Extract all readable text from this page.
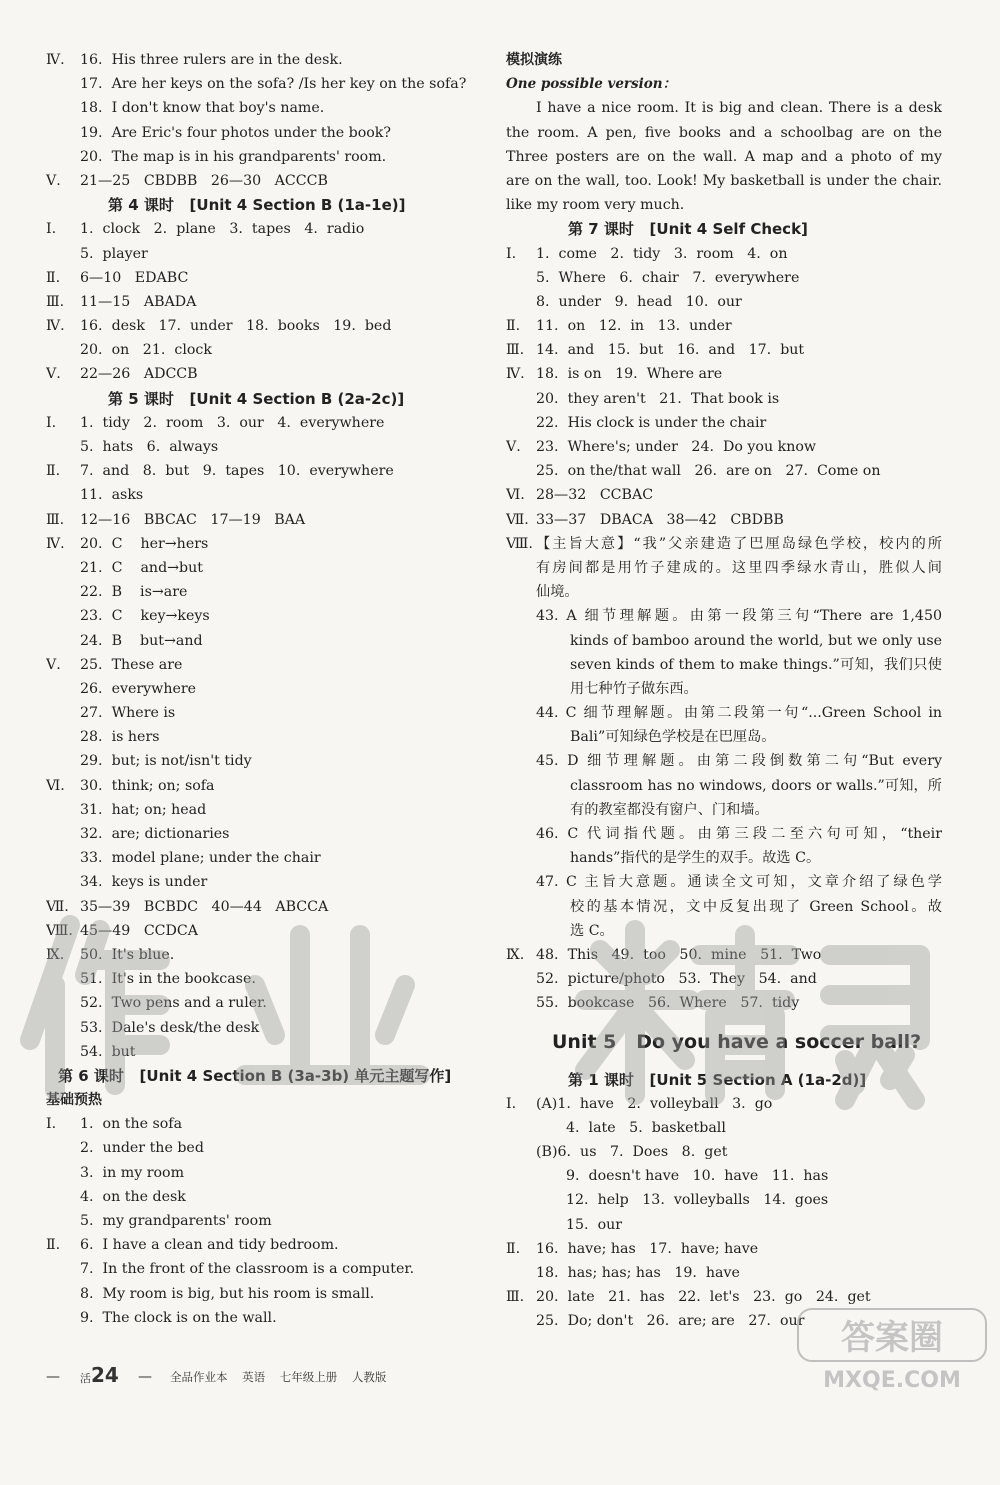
Ⅳ. 16.  His three rulers are in the desk.
17.  Are her keys on the sofa? /Is her key on the sofa?
18.  I don't know that boy's name.
19.  Are Eric's four photos under the book?
20.  The map is in his grandparents' room.
Ⅴ. 21—25   CBDBB   26—30   ACCCB
第 4 课时   [Unit 4 Section B (1a-1e)]
Ⅰ. 1.  clock   2.  plane   3.  tapes   4.  radio
5.  player
Ⅱ. 6—10   EDABC
Ⅲ. 11—15   ABADA
Ⅳ. 16.  desk   17.  under   18.  books   19.  bed
20.  on   21.  clock
Ⅴ. 22—26   ADCCB
第 5 课时   [Unit 4 Section B (2a-2c)]
Ⅰ. 1.  tidy   2.  room   3.  our   4.  everywhere
5.  hats   6.  always
Ⅱ. 7.  and   8.  but   9.  tapes   10.  everywhere
11.  asks
Ⅲ. 12—16   BBCAC   17—19   BAA
Ⅳ. 20.  C    her→hers
21.  C    and→but
22.  B    is→are
23.  C    key→keys
24.  B    but→and
Ⅴ. 25.  These are
26.  everywhere
27.  Where is
28.  is hers
29.  but; is not/isn't tidy
Ⅵ. 30.  think; on; sofa
31.  hat; on; head
32.  are; dictionaries
33.  model plane; under the chair
34.  keys is under
Ⅶ. 35—39   BCBDC   40—44   ABCCA
Ⅷ. 45—49   CCDCA
Ⅸ. 50.  It's blue.
51.  It's in the bookcase.
52.  Two pens and a ruler.
53.  Dale's desk/the desk
54.  but
第 6 课时   [Unit 4 Section B (3a-3b) 单元主题写作]
基础预热
Ⅰ. 1.  on the sofa
2.  under the bed
3.  in my room
4.  on the desk
5.  my grandparents' room
Ⅱ. 6.  I have a clean and tidy bedroom.
7.  In the front of the classroom is a computer.
8.  My room is big, but his room is small.
9.  The clock is on the wall.
模拟演练
One possible version：
I have a nice room. It is big and clean. There is a desk
the room. A pen, five books and a schoolbag are on the
Three posters are on the wall. A map and a photo of my
are on the wall, too. Look! My basketball is under the chair.
like my room very much.
第 7 课时   [Unit 4 Self Check]
Ⅰ. 1.  come   2.  tidy   3.  room   4.  on
5.  Where   6.  chair   7.  everywhere
8.  under   9.  head   10.  our
Ⅱ. 11.  on   12.  in   13.  under
Ⅲ. 14.  and   15.  but   16.  and   17.  but
Ⅳ. 18.  is on   19.  Where are
20.  they aren't   21.  That book is
22.  His clock is under the chair
Ⅴ. 23.  Where's; under   24.  Do you know
25.  on the/that wall   26.  are on   27.  Come on
Ⅵ. 28—32   CCBAC
Ⅶ. 33—37   DBACA   38—42   CBDBB
Ⅷ. 【主旨大意】“我”父亲建造了巴厘岛绿色学校，校内的所
有房间都是用竹子建成的。这里四季绿水青山，胜似人间
仙境。
43. A 细节理解题。由第一段第三句“There are 1,450
kinds of bamboo around the world, but we only use
seven kinds of them to make things.”可知，我们只使
用七种竹子做东西。
44. C 细节理解题。由第二段第一句“...Green School in
Bali”可知绿色学校是在巴厘岛。
45. D 细节理解题。由第二段倒数第二句“But every
classroom has no windows, doors or walls.”可知，所
有的教室都没有窗户、门和墙。
46. C 代词指代题。由第三段二至六句可知，“their
hands”指代的是学生的双手。故选 C。
47. C 主旨大意题。通读全文可知，文章介绍了绿色学
校的基本情况，文中反复出现了 Green School。故
选 C。
Ⅸ. 48.  This   49.  too   50.  mine   51.  Two
52.  picture/photo   53.  They   54.  and
55.  bookcase   56.  Where   57.  tidy
Unit 5   Do you have a soccer ball?
第 1 课时   [Unit 5 Section A (1a-2d)]
Ⅰ. (A)1.  have   2.  volleyball   3.  go
4.  late   5.  basketball
(B)6.  us   7.  Does   8.  get
9.  doesn't have   10.  have   11.  has
12.  help   13.  volleyballs   14.  goes
15.  our
Ⅱ. 16.  have; has   17.  have; have
18.  has; has; has   19.  have
Ⅲ. 20.  late   21.  has   22.  let's   23.  go   24.  get
25.  Do; don't   26.  are; are   27.  our

—

活24

—

全品作业本    英语    七年级上册    人教版

答案圈
MXQE.COM
